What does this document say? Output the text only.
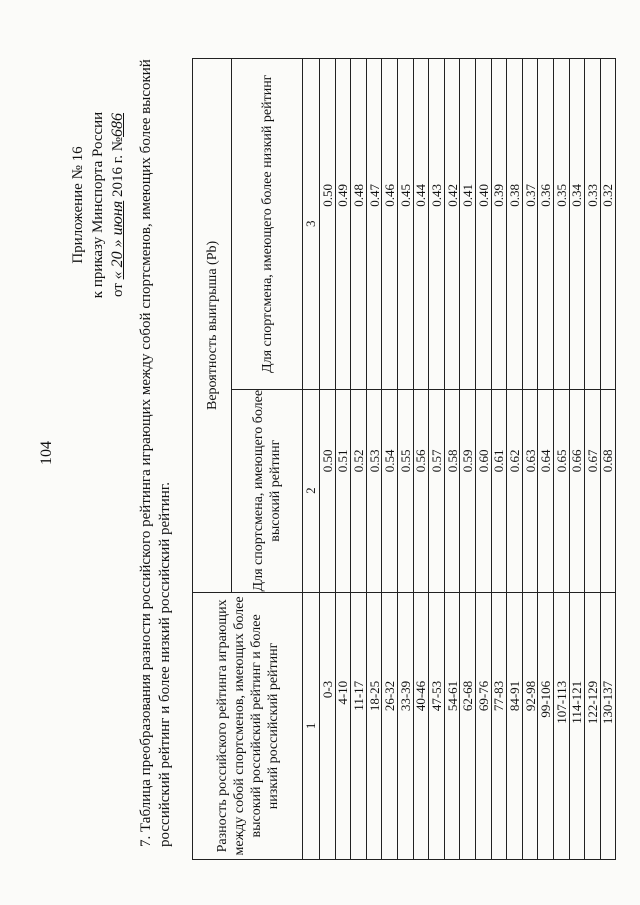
104
Приложение № 16 к приказу Минспорта России от « 20 » июня 2016 г. №686 7. Таблица преобразования разности российского рейтинга играющих между собой спортсменов, имеющих более высокий российский рейтинг и более низкий российский рейтинг.	Разность российского рейтинга играющих между собой спортсменов, имеющих более высокий российский рейтинг и более низкий российский рейтинг	Вероятность выигрыша (Pb)	
	Для спортсмена, имеющего более высокий рейтинг	Для спортсмена, имеющего более низкий рейтинг
1	2	3
0-3	0.50	0.50
4-10	0.51	0.49
11-17	0.52	0.48
18-25	0.53	0.47
26-32	0.54	0.46
33-39	0.55	0.45
40-46	0.56	0.44
47-53	0.57	0.43
54-61	0.58	0.42
62-68	0.59	0.41
69-76	0.60	0.40
77-83	0.61	0.39
84-91	0.62	0.38
92-98	0.63	0.37
99-106	0.64	0.36
107-113	0.65	0.35
114-121	0.66	0.34
122-129	0.67	0.33
130-137	0.68	0.32
